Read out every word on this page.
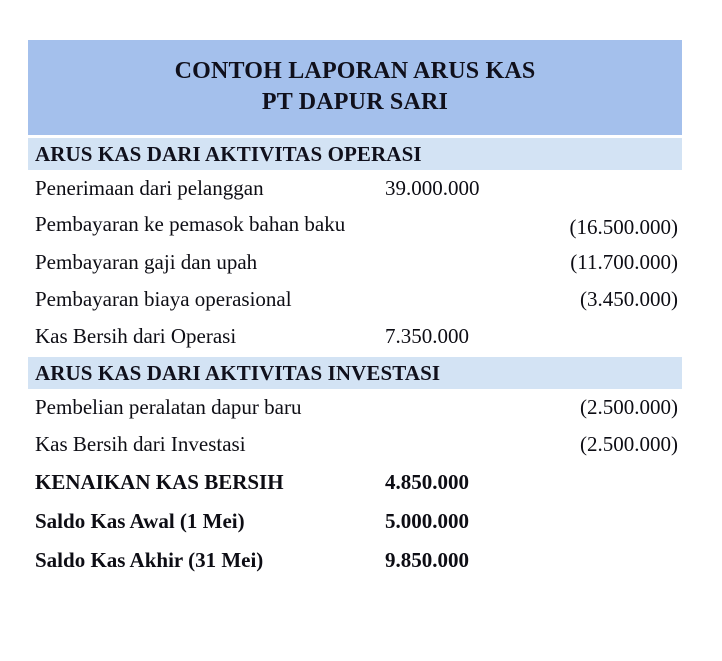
CONTOH LAPORAN ARUS KAS
PT DAPUR SARI
ARUS KAS DARI AKTIVITAS OPERASI
Penerimaan dari pelanggan	39.000.000
Pembayaran ke pemasok bahan baku	(16.500.000)
Pembayaran gaji dan upah	(11.700.000)
Pembayaran biaya operasional	(3.450.000)
Kas Bersih dari Operasi	7.350.000
ARUS KAS DARI AKTIVITAS INVESTASI
Pembelian peralatan dapur baru	(2.500.000)
Kas Bersih dari Investasi	(2.500.000)
KENAIKAN KAS BERSIH	4.850.000
Saldo Kas Awal (1 Mei)	5.000.000
Saldo Kas Akhir (31 Mei)	9.850.000
